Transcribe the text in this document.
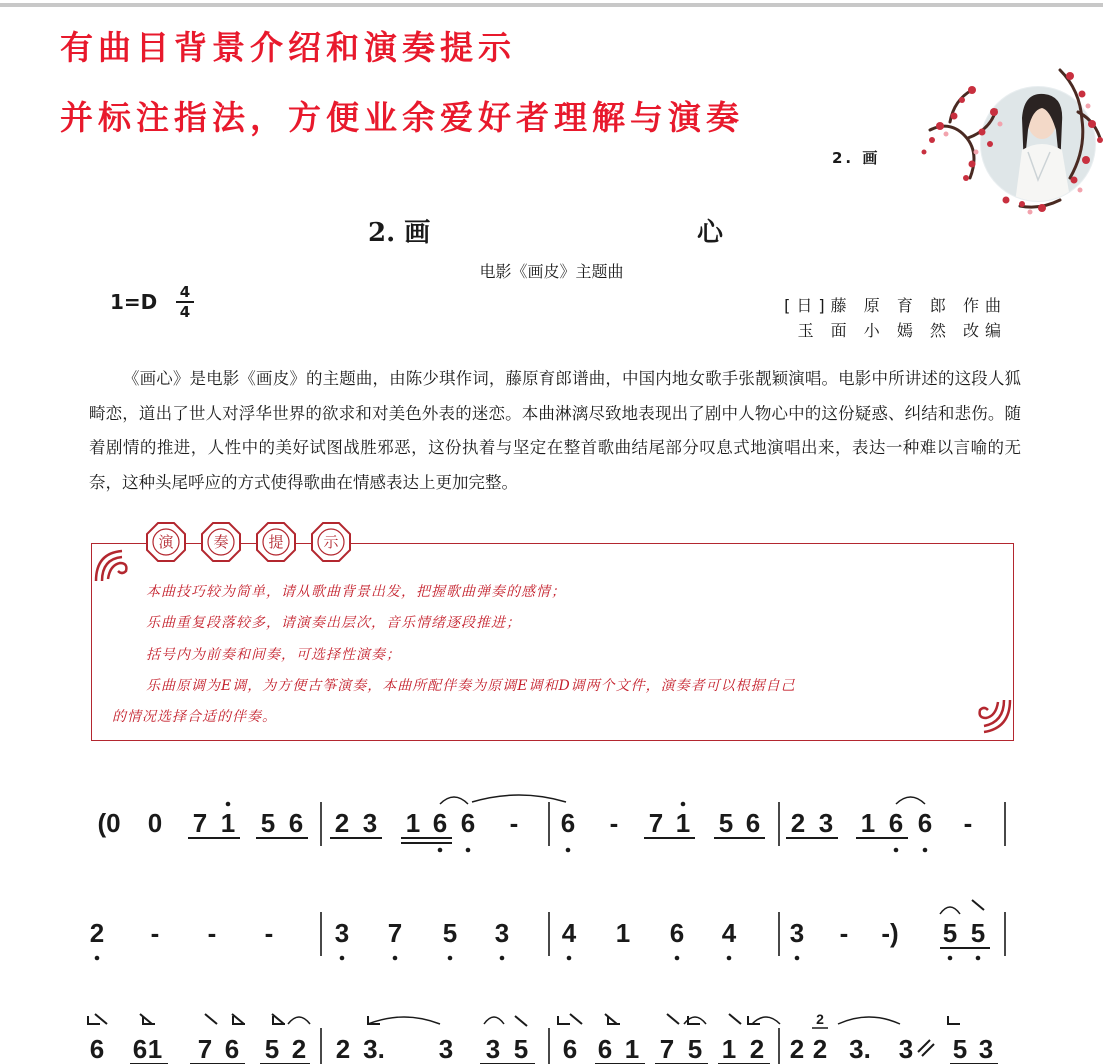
有曲目背景介绍和演奏提示
并标注指法，方便业余爱好者理解与演奏
2. 画
2. 画	心
电影《画皮》主题曲
1=D 4
4	[日]藤 原 育 郎 作曲
玉 面 小 嫣 然 改编
《画心》是电影《画皮》的主题曲，由陈少琪作词，藤原育郎谱曲，中国内地女歌手张靓颖演唱。电影中所讲述的这段人狐畸恋，道出了世人对浮华世界的欲求和对美色外表的迷恋。本曲淋漓尽致地表现出了剧中人物心中的这份疑惑、纠结和悲伤。随着剧情的推进，人性中的美好试图战胜邪恶，这份执着与坚定在整首歌曲结尾部分叹息式地演唱出来，表达一种难以言喻的无奈，这种头尾呼应的方式使得歌曲在情感表达上更加完整。
演	奏	提	示
本曲技巧较为简单，请从歌曲背景出发，把握歌曲弹奏的感情；
乐曲重复段落较多，请演奏出层次，音乐情绪逐段推进；
括号内为前奏和间奏，可选择性演奏；
乐曲原调为E调，为方便古筝演奏，本曲所配伴奏为原调E调和D调两个文件，演奏者可以根据自己
的情况选择合适的伴奏。
(0 0 7 1 5 6 2 3 1 6 6 - 6 - 7 1 5 6 2 3 1 6 6 -
2 - - - 3 7 5 3 4 1 6 4 3 - -) 5 5
6 6 1 7 6 5 2 2 3. 3 3 5 6 6 1 7 5 1 2 2 2 3. 3 5 3
2
